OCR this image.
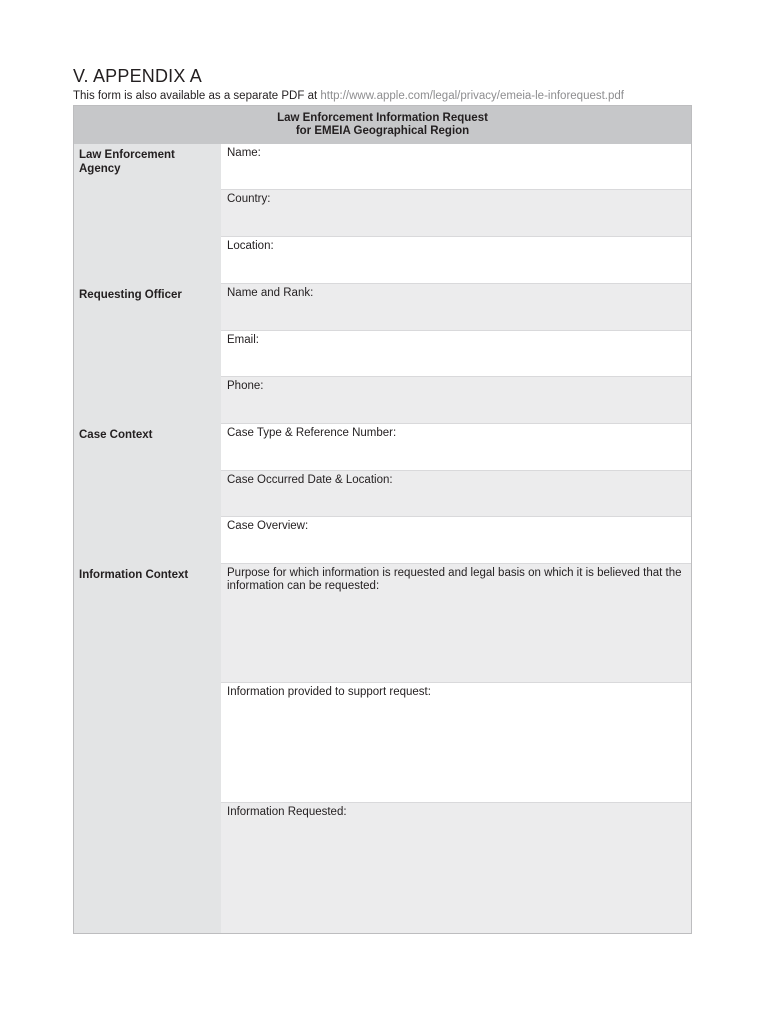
V. APPENDIX A
This form is also available as a separate PDF at http://www.apple.com/legal/privacy/emeia-le-inforequest.pdf
Law Enforcement Information Request
for EMEIA Geographical Region
Law Enforcement Agency
Requesting Officer
Case Context
Information Context
Name:
Country:
Location:
Name and Rank:
Email:
Phone:
Case Type & Reference Number:
Case Occurred Date & Location:
Case Overview:
Purpose for which information is requested and legal basis on which it is believed that the information can be requested:
Information provided to support request:
Information Requested:
